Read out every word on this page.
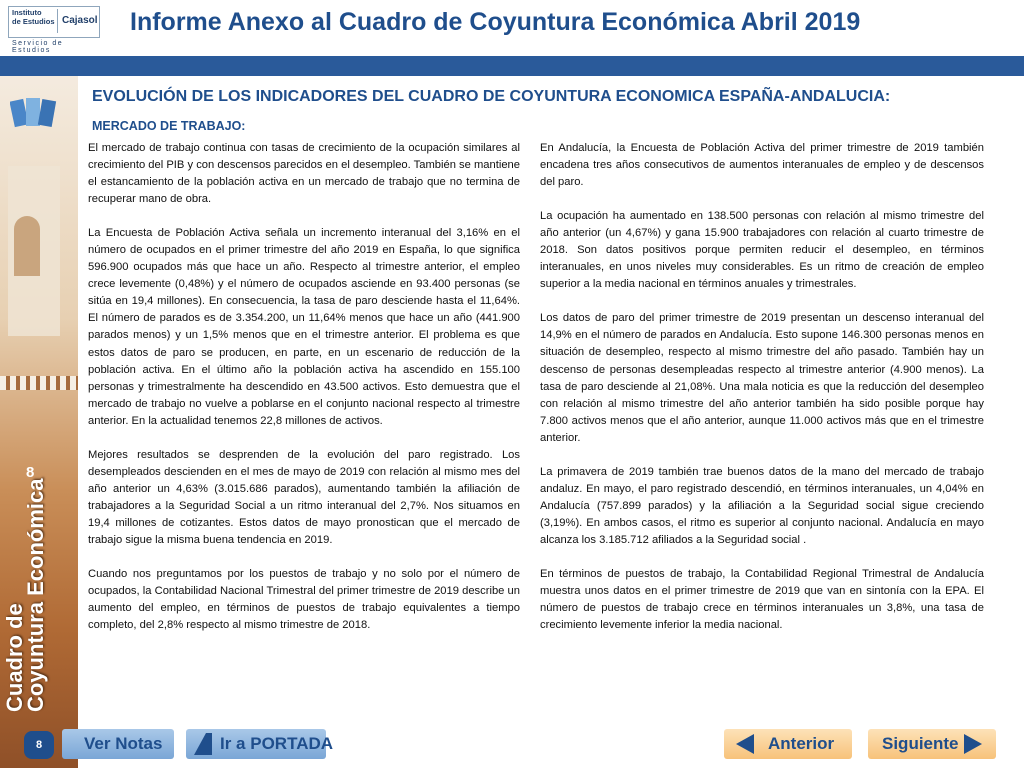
Instituto
de Estudios Cajasol
Servicio de Estudios
Informe Anexo al Cuadro de Coyuntura Económica Abril 2019
8
Cuadro de
Coyuntura Económica
EVOLUCIÓN DE LOS INDICADORES DEL CUADRO DE COYUNTURA ECONOMICA ESPAÑA-ANDALUCIA:
MERCADO DE TRABAJO:

El mercado de trabajo continua con tasas de crecimiento de la ocupación similares al crecimiento del PIB y con descensos parecidos en el desempleo. También se mantiene el estancamiento de la población activa en un mercado de trabajo que no termina de recuperar mano de obra.

La Encuesta de Población Activa señala un incremento interanual del 3,16% en el número de ocupados en el primer trimestre del año 2019 en España, lo que significa 596.900 ocupados más que hace un año. Respecto al trimestre anterior, el empleo crece levemente (0,48%) y el número de ocupados asciende en 93.400 personas (se sitúa en 19,4 millones). En consecuencia, la tasa de paro desciende hasta el 11,64%. El número de parados es de 3.354.200, un 11,64% menos que hace un año (441.900 parados menos) y un 1,5% menos que en el trimestre anterior. El problema es que estos datos de paro se producen, en parte, en un escenario de reducción de la población activa. En el último año la población activa ha ascendido en 155.100 personas y trimestralmente ha descendido en 43.500 activos. Esto demuestra que el mercado de trabajo no vuelve a poblarse en el conjunto nacional respecto al trimestre anterior. En la actualidad tenemos 22,8 millones de activos.

Mejores resultados se desprenden de la evolución del paro registrado. Los desempleados descienden en el mes de mayo de 2019 con relación al mismo mes del año anterior un 4,63% (3.015.686 parados), aumentando también la afiliación de trabajadores a la Seguridad Social a un ritmo interanual del 2,7%. Nos situamos en 19,4 millones de cotizantes. Estos datos de mayo pronostican que el mercado de trabajo sigue la misma buena tendencia en 2019.

Cuando nos preguntamos por los puestos de trabajo y no solo por el número de ocupados, la Contabilidad Nacional Trimestral del primer trimestre de 2019 describe un aumento del empleo, en términos de puestos de trabajo equivalentes a tiempo completo, del 2,8% respecto al mismo trimestre de 2018.

En Andalucía, la Encuesta de Población Activa del primer trimestre de 2019 también encadena tres años consecutivos de aumentos interanuales de empleo y de descensos del paro.

La ocupación ha aumentado en 138.500 personas con relación al mismo trimestre del año anterior (un 4,67%) y gana 15.900 trabajadores con relación al cuarto trimestre de 2018. Son datos positivos porque permiten reducir el desempleo, en términos interanuales, en unos niveles muy considerables. Es un ritmo de creación de empleo superior a la media nacional en términos anuales y trimestrales.

Los datos de paro del primer trimestre de 2019 presentan un descenso interanual del 14,9% en el número de parados en Andalucía. Esto supone 146.300 personas menos en situación de desempleo, respecto al mismo trimestre del año pasado. También hay un descenso de personas desempleadas respecto al trimestre anterior (4.900 menos). La tasa de paro desciende al 21,08%. Una mala noticia es que la reducción del desempleo con relación al mismo trimestre del año anterior también ha sido posible porque hay 7.800 activos menos que el año anterior, aunque 11.000 activos más que en el trimestre anterior.

La primavera de 2019 también trae buenos datos de la mano del mercado de trabajo andaluz. En mayo, el paro registrado descendió, en términos interanuales, un 4,04% en Andalucía (757.899 parados) y la afiliación a la Seguridad social sigue creciendo (3,19%). En ambos casos, el ritmo es superior al conjunto nacional. Andalucía en mayo alcanza los 3.185.712 afiliados a la Seguridad social .

En términos de puestos de trabajo, la Contabilidad Regional Trimestral de Andalucía muestra unos datos en el primer trimestre de 2019 que van en sintonía con la EPA. El número de puestos de trabajo crece en términos interanuales un 3,8%, una tasa de crecimiento levemente inferior la media nacional.

8	Ver Notas	Ir a PORTADA	Anterior	Siguiente
